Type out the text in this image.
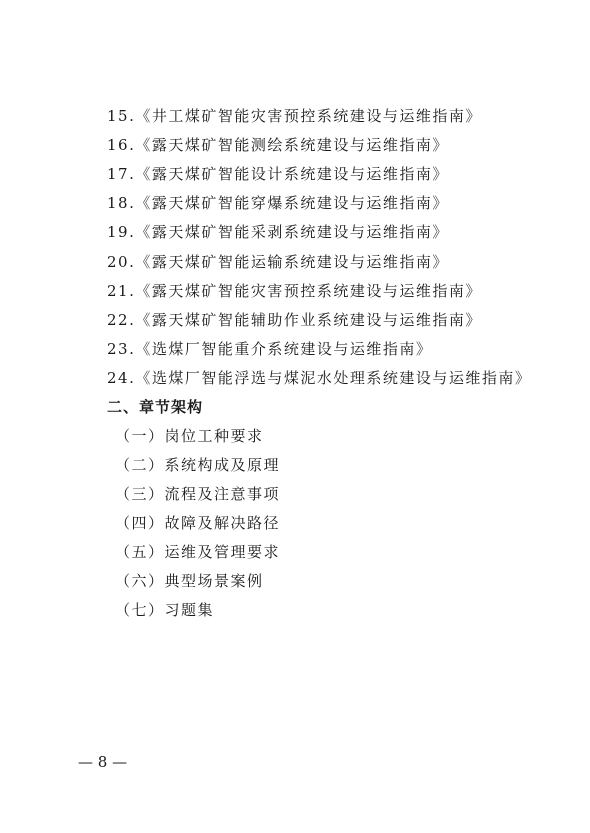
15.《井工煤矿智能灾害预控系统建设与运维指南》
16.《露天煤矿智能测绘系统建设与运维指南》
17.《露天煤矿智能设计系统建设与运维指南》
18.《露天煤矿智能穿爆系统建设与运维指南》
19.《露天煤矿智能采剥系统建设与运维指南》
20.《露天煤矿智能运输系统建设与运维指南》
21.《露天煤矿智能灾害预控系统建设与运维指南》
22.《露天煤矿智能辅助作业系统建设与运维指南》
23.《选煤厂智能重介系统建设与运维指南》
24.《选煤厂智能浮选与煤泥水处理系统建设与运维指南》
二、章节架构
（一）岗位工种要求
（二）系统构成及原理
（三）流程及注意事项
（四）故障及解决路径
（五）运维及管理要求
（六）典型场景案例
（七）习题集
— 8 —
